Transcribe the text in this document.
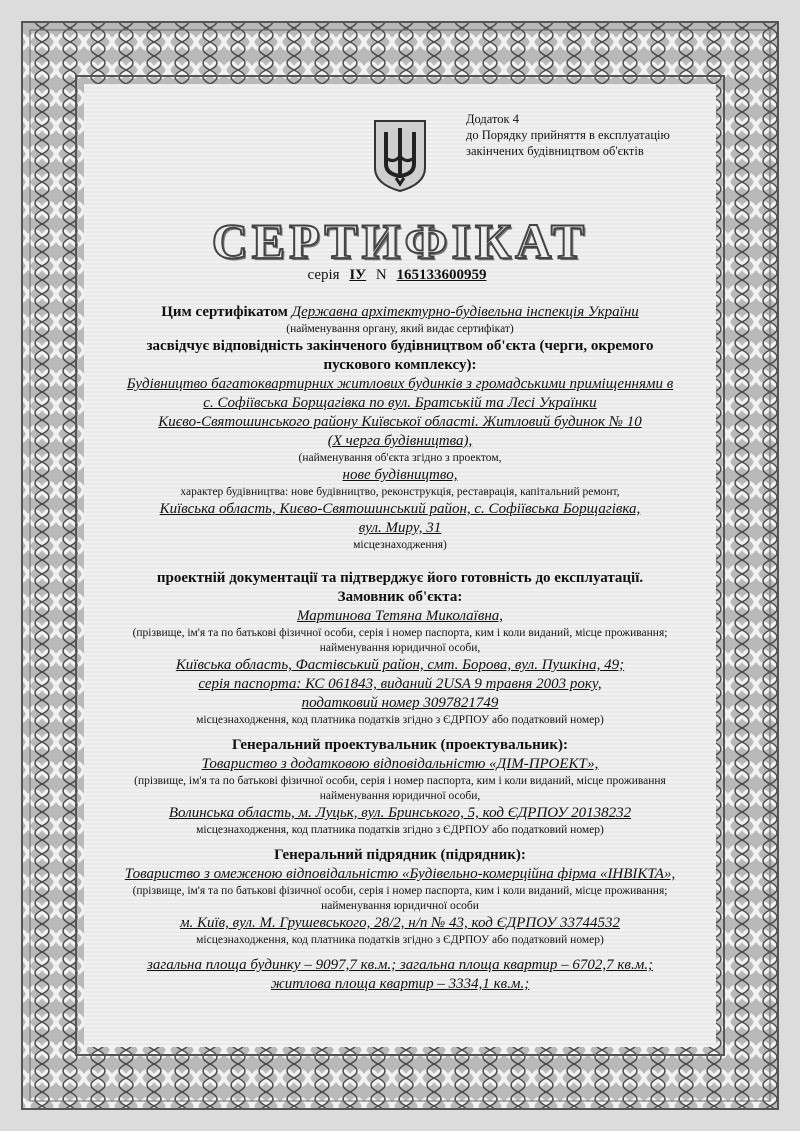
Додаток 4
до Порядку прийняття в експлуатацію
закінчених будівництвом об'єктів
СЕРТИФІКАТ
серія ІУ N 165133600959

Цим сертифікатом Державна архітектурно-будівельна інспекція України

(найменування органу, який видає сертифікат)

засвідчує відповідність закінченого будівництвом об'єкта (черги, окремого

пускового комплексу):

Будівництво багатоквартирних житлових будинків з громадськими приміщеннями в

с. Софіївська Борщагівка по вул. Братській та Лесі Українки

Києво-Святошинського району Київської області. Житловий будинок № 10

(Х черга будівництва),

(найменування об'єкта згідно з проектом,

нове будівництво,

характер будівництва: нове будівництво, реконструкція, реставрація, капітальний ремонт,

Київська область, Києво-Святошинський район, с. Софіївська Борщагівка,

вул. Миру, 31

місцезнаходження)

проектній документації та підтверджує його готовність до експлуатації.

Замовник об'єкта:

Мартинова Тетяна Миколаївна,

(прізвище, ім'я та по батькові фізичної особи, серія і номер паспорта, ким і коли виданий, місце проживання;

найменування юридичної особи,

Київська область, Фастівський район, смт. Борова, вул. Пушкіна, 49;

серія паспорта: КС 061843, виданий 2USA 9 травня 2003 року,

податковий номер 3097821749

місцезнаходження, код платника податків згідно з ЄДРПОУ або податковий номер)

Генеральний проектувальник (проектувальник):

Товариство з додатковою відповідальністю «ДІМ-ПРОЕКТ»,

(прізвище, ім'я та по батькові фізичної особи, серія і номер паспорта, ким і коли виданий, місце проживання

найменування юридичної особи,

Волинська область, м. Луцьк, вул. Бринського, 5, код ЄДРПОУ 20138232

місцезнаходження, код платника податків згідно з ЄДРПОУ або податковий номер)

Генеральний підрядник (підрядник):

Товариство з омеженою відповідальністю «Будівельно-комерційна фірма «ІНВІКТА»,

(прізвище, ім'я та по батькові фізичної особи, серія і номер паспорта, ким і коли виданий, місце проживання;

найменування юридичної особи

м. Київ, вул. М. Грушевського, 28/2, н/п № 43, код ЄДРПОУ 33744532

місцезнаходження, код платника податків згідно з ЄДРПОУ або податковий номер)

загальна площа будинку – 9097,7 кв.м.; загальна площа квартир – 6702,7 кв.м.;

житлова площа квартир – 3334,1 кв.м.;
